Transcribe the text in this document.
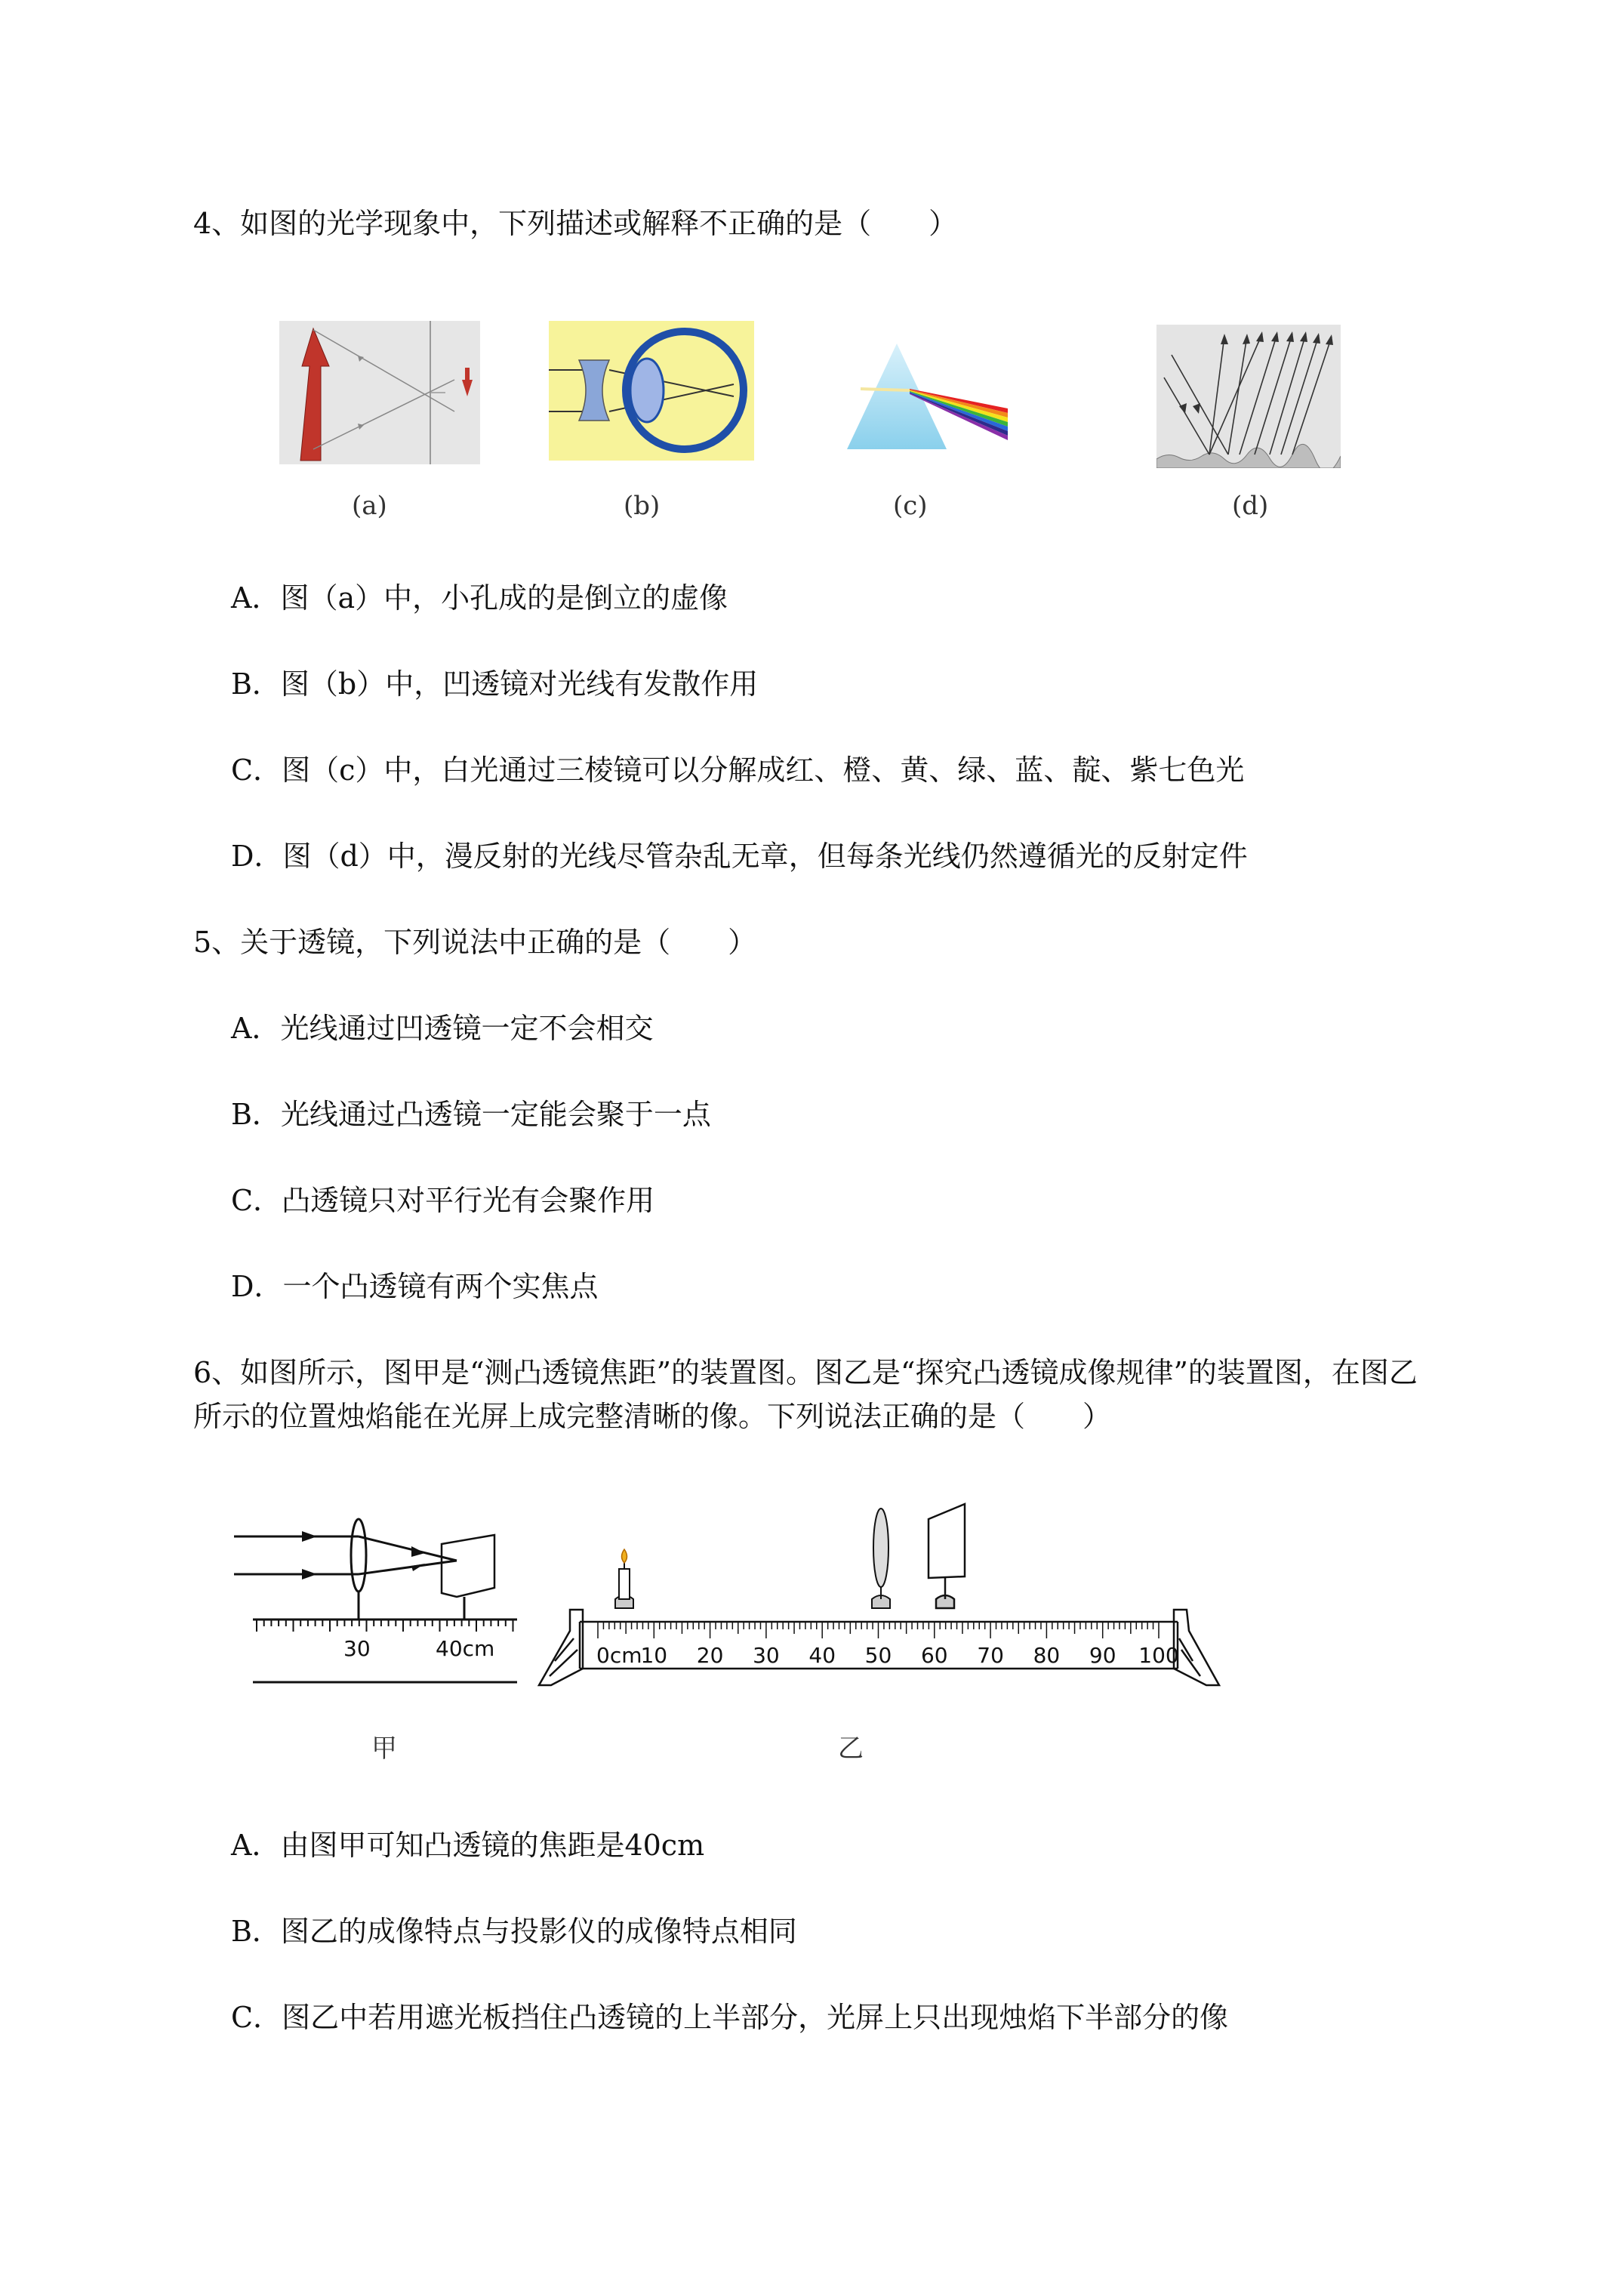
4、如图的光学现象中，下列描述或解释不正确的是（　　）
(a)	(b)	(c)	(d)
A．图（a）中，小孔成的是倒立的虚像
B．图（b）中，凹透镜对光线有发散作用
C．图（c）中，白光通过三棱镜可以分解成红、橙、黄、绿、蓝、靛、紫七色光
D．图（d）中，漫反射的光线尽管杂乱无章，但每条光线仍然遵循光的反射定件
5、关于透镜，下列说法中正确的是（　　）
A．光线通过凹透镜一定不会相交
B．光线通过凸透镜一定能会聚于一点
C．凸透镜只对平行光有会聚作用
D．一个凸透镜有两个实焦点
6、如图所示，图甲是“测凸透镜焦距”的装置图。图乙是“探究凸透镜成像规律”的装置图，在图乙
所示的位置烛焰能在光屏上成完整清晰的像。下列说法正确的是（　　）
30	40cm
甲
0cm
10 20 30 40 50 60 70 80 90 100
乙
A．由图甲可知凸透镜的焦距是40cm
B．图乙的成像特点与投影仪的成像特点相同
C．图乙中若用遮光板挡住凸透镜的上半部分，光屏上只出现烛焰下半部分的像
